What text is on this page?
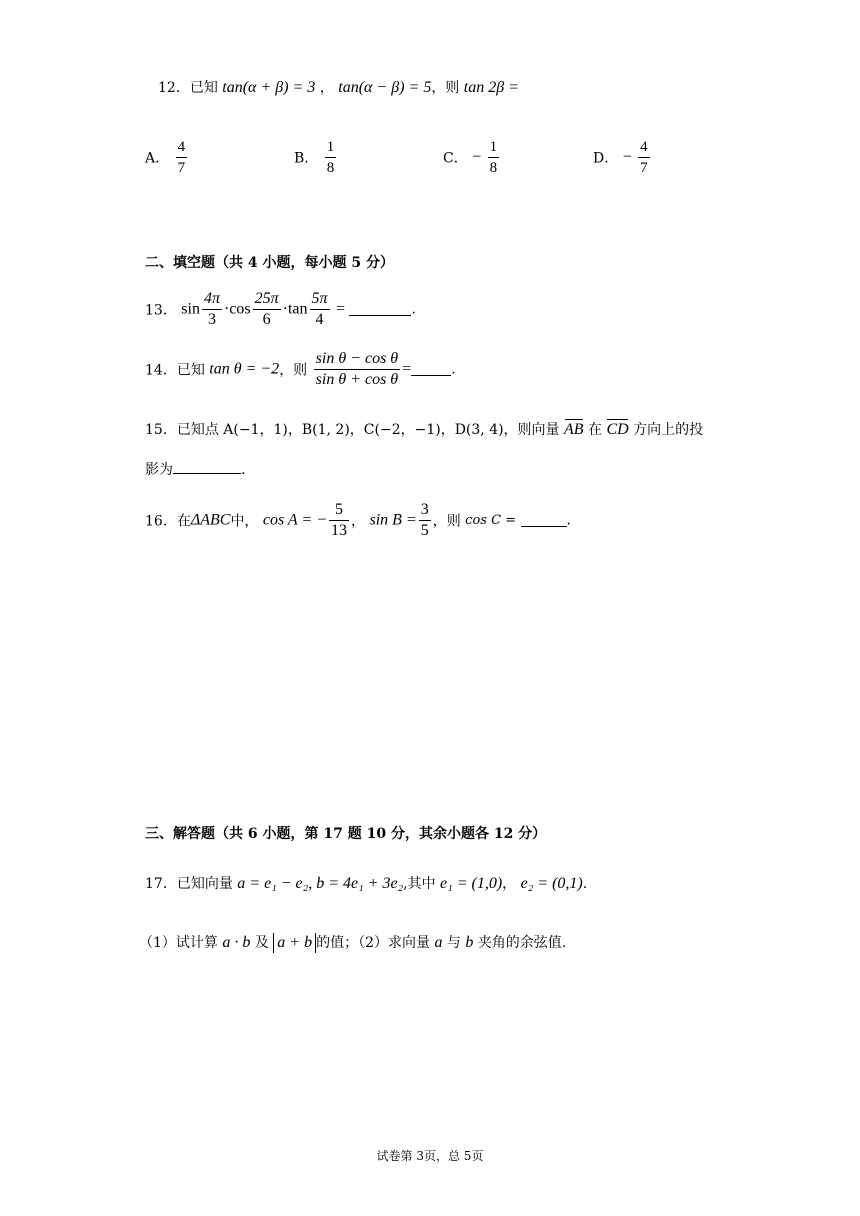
12．已知 tan(α + β) = 3 ， tan(α − β) = 5，则 tan 2β =
A． $\frac{4}{7}$	B． $\frac{1}{8}$	C． − $\frac{1}{8}$	D． − $\frac{4}{7}$
二、填空题（共 4 小题，每小题 5 分）
13． $\sin \frac{4\pi}{3} \cdot\cos \frac{25\pi}{6} \cdot\tan \frac{5\pi}{4}$ =	.
14．已知 tan θ = −2，则 $\frac{\text{sin θ − cos θ}}{\text{sin θ + cos θ}}$ =	.
15．已知点 A(−1，1)，B(1, 2)，C(−2，−1)，D(3, 4)，则向量 AB 在 CD 方向上的投
影为	.
16．在ΔABC中， cos A = − $\frac{5}{13}$ ， $\sin B = \frac{3}{5}$ ，则 cos C =	.
三、解答题（共 6 小题，第 17 题 10 分，其余小题各 12 分）
17．已知向量 a = e₁ − e₂, b = 4e₁ + 3e₂,其中 e₁ = (1,0)， e₂ = (0,1).
（1）试计算 a · b 及 a + b 的值；（2）求向量 a 与 b 夹角的余弦值.
试卷第 3页，总 5页
